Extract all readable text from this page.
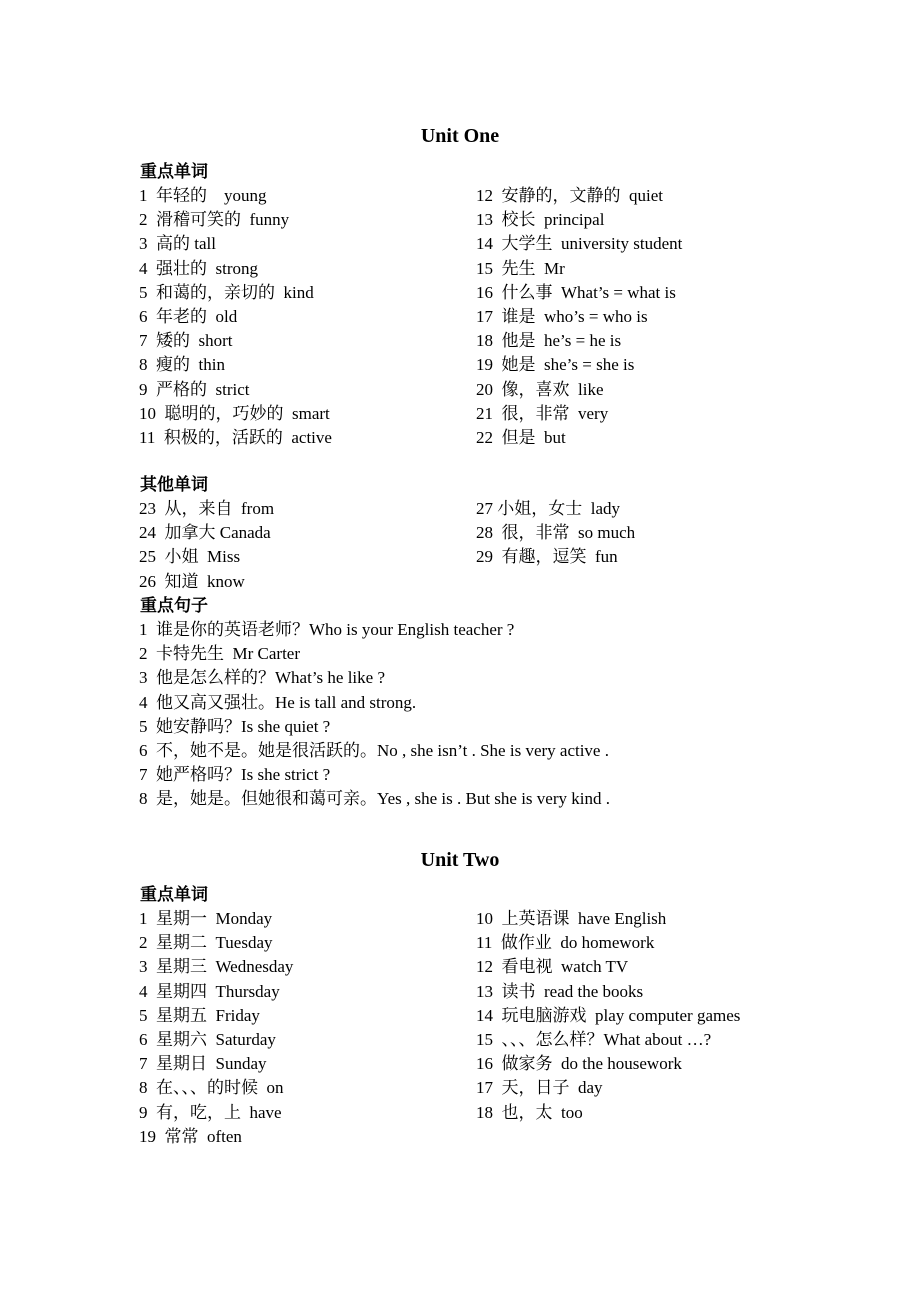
Unit One
重点单词
1  年轻的    young
2  滑稽可笑的  funny
3  高的 tall
4  强壮的  strong
5  和蔼的，亲切的  kind
6  年老的  old
7  矮的  short
8  瘦的  thin
9  严格的  strict
10  聪明的，巧妙的  smart
11  积极的，活跃的  active
12  安静的，文静的  quiet
13  校长  principal
14  大学生  university student
15  先生  Mr
16  什么事  What’s = what is
17  谁是  who’s = who is
18  他是  he’s = he is
19  她是  she’s = she is
20  像，喜欢  like
21  很，非常  very
22  但是  but
其他单词
23  从，来自  from
24  加拿大 Canada
25  小姐  Miss
26  知道  know
27 小姐，女士  lady
28  很，非常  so much
29  有趣，逗笑  fun
重点句子
1  谁是你的英语老师？Who is your English teacher ?
2  卡特先生  Mr Carter
3  他是怎么样的？What’s he like ?
4  他又高又强壮。He is tall and strong.
5  她安静吗？Is she quiet ?
6  不，她不是。她是很活跃的。No , she isn’t . She is very active .
7  她严格吗？Is she strict ?
8  是，她是。但她很和蔼可亲。Yes , she is . But she is very kind .
Unit Two
重点单词
1  星期一  Monday
2  星期二  Tuesday
3  星期三  Wednesday
4  星期四  Thursday
5  星期五  Friday
6  星期六  Saturday
7  星期日  Sunday
8  在、、、的时候  on
9  有，吃，上  have
19  常常  often
10  上英语课  have English
11  做作业  do homework
12  看电视  watch TV
13  读书  read the books
14  玩电脑游戏  play computer games
15  、、、怎么样？What about …?
16  做家务  do the housework
17  天，日子  day
18  也，太  too
